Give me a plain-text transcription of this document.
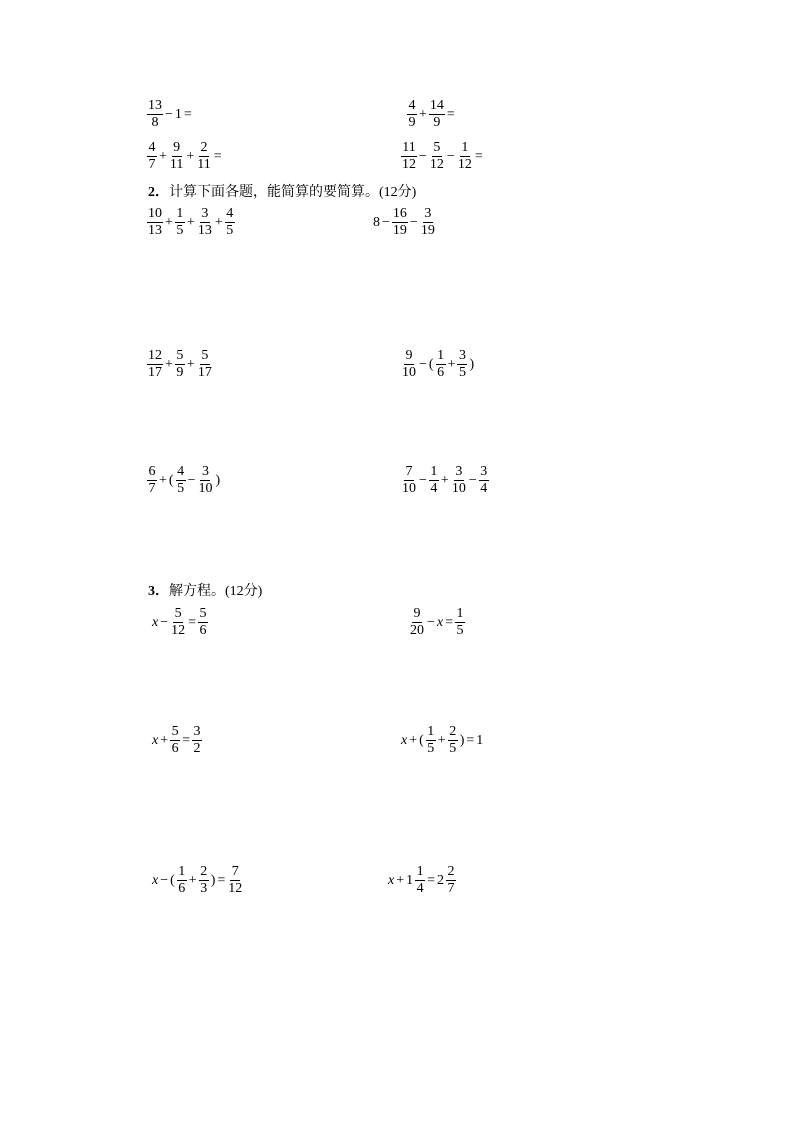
$\frac{13}{8} - 1$ =	$\frac{4}{9} + \frac{14}{9}$ =
$\frac{4}{7} + \frac{9}{11} + \frac{2}{11}$ =	$\frac{11}{12} - \frac{5}{12} - \frac{1}{12}$ =
2．计算下面各题，能简算的要简算。(12分)
$\frac{10}{13} + \frac{1}{5} + \frac{3}{13} + \frac{4}{5}$	$8 - \frac{16}{19} - \frac{3}{19}$
$\frac{12}{17} + \frac{5}{9} + \frac{5}{17}$	$\frac{9}{10}$ − ( $\frac{1}{6} + \frac{3}{5}$ )
$\frac{6}{7}$ + ( $\frac{4}{5} - \frac{3}{10}$ )	$\frac{7}{10} - \frac{1}{4} + \frac{3}{10} - \frac{3}{4}$
3．解方程。(12分)
$x - \frac{5}{12} = \frac{5}{6}$	$\frac{9}{20} - x = \frac{1}{5}$
$x + \frac{5}{6} = \frac{3}{2}$	x + ( $\frac{1}{5} + \frac{2}{5}$ ) = 1
x − ( $\frac{1}{6} + \frac{2}{3}$ ) = $\frac{7}{12}$	$x + 1 \frac{1}{4} = 2 \frac{2}{7}$
